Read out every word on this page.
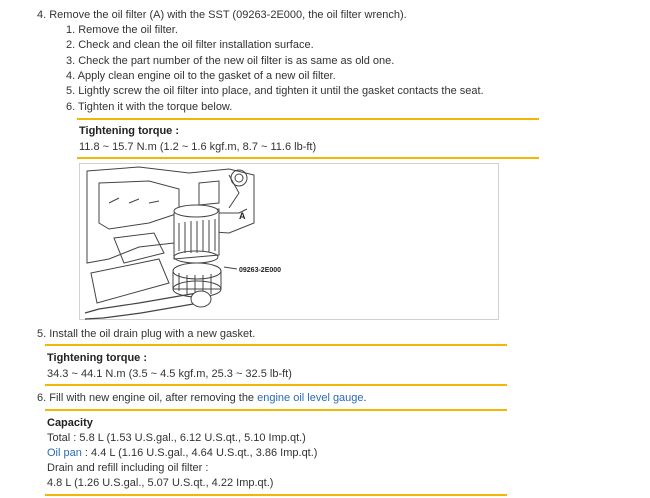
4. Remove the oil filter (A) with the SST (09263-2E000, the oil filter wrench).
1. Remove the oil filter.
2. Check and clean the oil filter installation surface.
3. Check the part number of the new oil filter is as same as old one.
4. Apply clean engine oil to the gasket of a new oil filter.
5. Lightly screw the oil filter into place, and tighten it until the gasket contacts the seat.
6. Tighten it with the torque below.
Tightening torque :
11.8 ~ 15.7 N.m (1.2 ~ 1.6 kgf.m, 8.7 ~ 11.6 lb-ft)
A
09263-2E000
5. Install the oil drain plug with a new gasket.
Tightening torque :
34.3 ~ 44.1 N.m (3.5 ~ 4.5 kgf.m, 25.3 ~ 32.5 lb-ft)
6. Fill with new engine oil, after removing the engine oil level gauge.
Capacity
Total : 5.8 L (1.53 U.S.gal., 6.12 U.S.qt., 5.10 Imp.qt.)
Oil pan : 4.4 L (1.16 U.S.gal., 4.64 U.S.qt., 3.86 Imp.qt.)
Drain and refill including oil filter :
4.8 L (1.26 U.S.gal., 5.07 U.S.qt., 4.22 Imp.qt.)
